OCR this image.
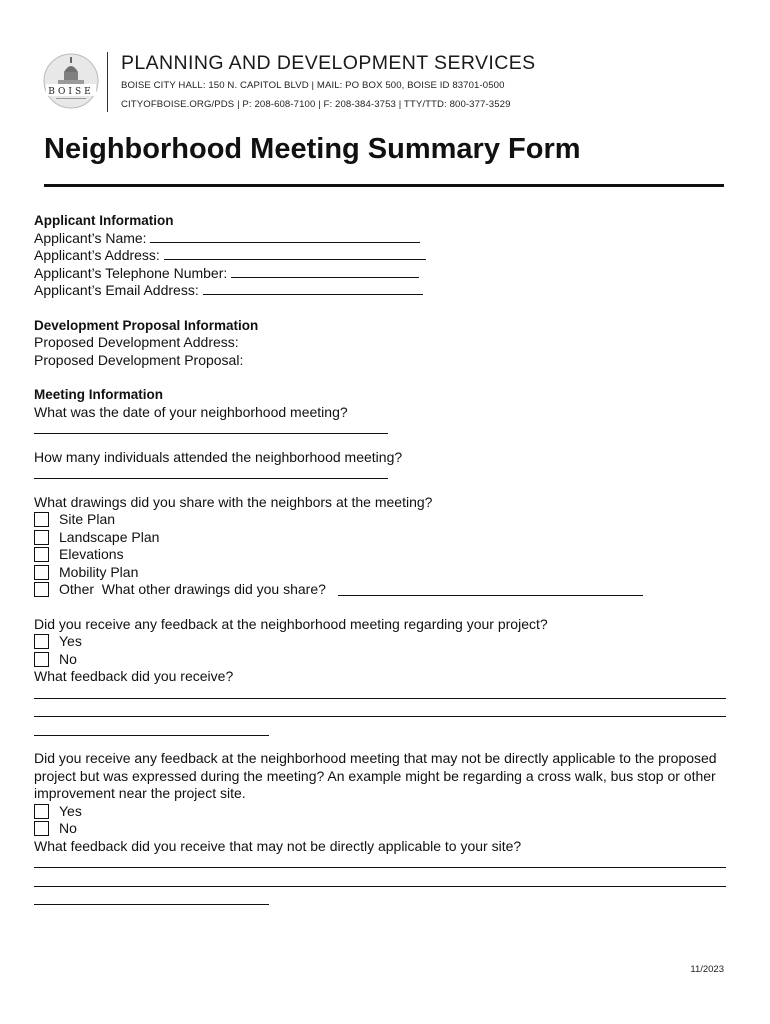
BOISE
PLANNING AND DEVELOPMENT SERVICES
BOISE CITY HALL: 150 N. CAPITOL BLVD | MAIL: PO BOX 500, BOISE ID 83701-0500
CITYOFBOISE.ORG/PDS | P: 208-608-7100 | F: 208-384-3753 | TTY/TTD: 800-377-3529
Neighborhood Meeting Summary Form

Applicant Information

Applicant’s Name:

Applicant’s Address:

Applicant’s Telephone Number:

Applicant’s Email Address:

Development Proposal Information

Proposed Development Address:

Proposed Development Proposal:

Meeting Information

What was the date of your neighborhood meeting?

How many individuals attended the neighborhood meeting?

What drawings did you share with the neighbors at the meeting?

Site Plan
Landscape Plan
Elevations
Mobility Plan
Other  What other drawings did you share?

Did you receive any feedback at the neighborhood meeting regarding your project?

Yes
No

What feedback did you receive?

Did you receive any feedback at the neighborhood meeting that may not be directly applicable to the proposed project but was expressed during the meeting? An example might be regarding a cross walk, bus stop or other improvement near the project site.

Yes
No

What feedback did you receive that may not be directly applicable to your site?

11/2023
